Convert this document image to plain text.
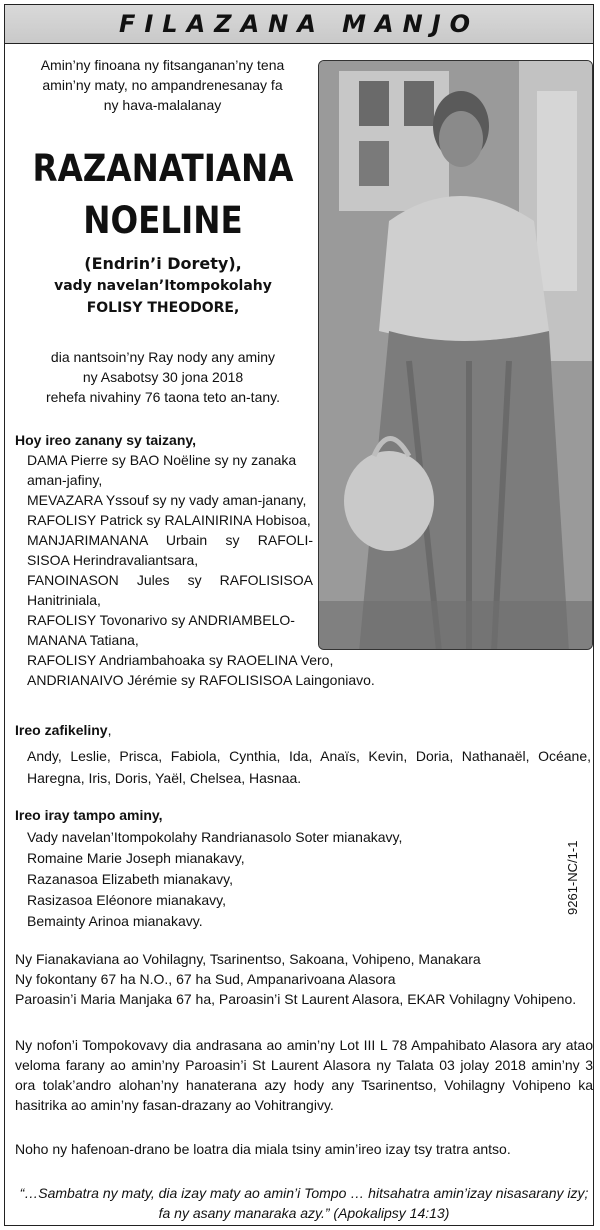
FILAZANA MANJO
Amin’ny finoana ny fitsanganan’ny tena
amin’ny maty, no ampandrenesanay fa
ny hava-malalanay
RAZANATIANA
NOELINE
(Endrin’i Dorety),
vady navelan’Itompokolahy
FOLISY THEODORE,
dia nantsoin’ny Ray nody any aminy
ny Asabotsy 30 jona 2018
rehefa nivahiny 76 taona teto an-tany.
Hoy ireo zanany sy taizany,
DAMA Pierre sy BAO Noëline sy ny zanaka
aman-jafiny,
MEVAZARA Yssouf sy ny vady aman-janany,
RAFOLISY Patrick sy RALAINIRINA Hobisoa,
MANJARIMANANA Urbain sy RAFOLI-
SISOA Herindravaliantsara,
FANOINASON Jules sy RAFOLISISOA
Hanitriniala,
RAFOLISY Tovonarivo sy ANDRIAMBELO-
MANANA Tatiana,
RAFOLISY Andriambahoaka sy RAOELINA Vero,
ANDRIANAIVO Jérémie sy RAFOLISISOA Laingoniavo.
Ireo zafikeliny,
Andy, Leslie, Prisca, Fabiola, Cynthia, Ida, Anaïs, Kevin, Doria, Nathanaël, Océane, Haregna, Iris, Doris, Yaël, Chelsea, Hasnaa.
Ireo iray tampo aminy,
Vady navelan’Itompokolahy Randrianasolo Soter mianakavy,
Romaine Marie Joseph mianakavy,
Razanasoa Elizabeth mianakavy,
Rasizasoa Eléonore mianakavy,
Bemainty Arinoa mianakavy.
9261-NC/1-1
Ny Fianakaviana ao Vohilagny, Tsarinentso, Sakoana, Vohipeno, Manakara
Ny fokontany 67 ha N.O., 67 ha Sud, Ampanarivoana Alasora
Paroasin’i Maria Manjaka 67 ha, Paroasin’i St Laurent Alasora, EKAR Vohilagny Vohipeno.
Ny nofon’i Tompokovavy dia andrasana ao amin’ny Lot III L 78 Ampahibato Alasora ary atao veloma farany ao amin’ny Paroasin’i St Laurent Alasora ny Talata 03 jolay 2018 amin’ny 3 ora tolak’andro alohan’ny hanaterana azy hody any Tsarinentso, Vohilagny Vohipeno ka hasitrika ao amin’ny fasan-drazany ao Vohitrangivy.
Noho ny hafenoan-drano be loatra dia miala tsiny amin’ireo izay tsy tratra antso.
“…Sambatra ny maty, dia izay maty ao amin’i Tompo … hitsahatra amin’izay nisasarany izy; fa ny asany manaraka azy.” (Apokalipsy 14:13)
